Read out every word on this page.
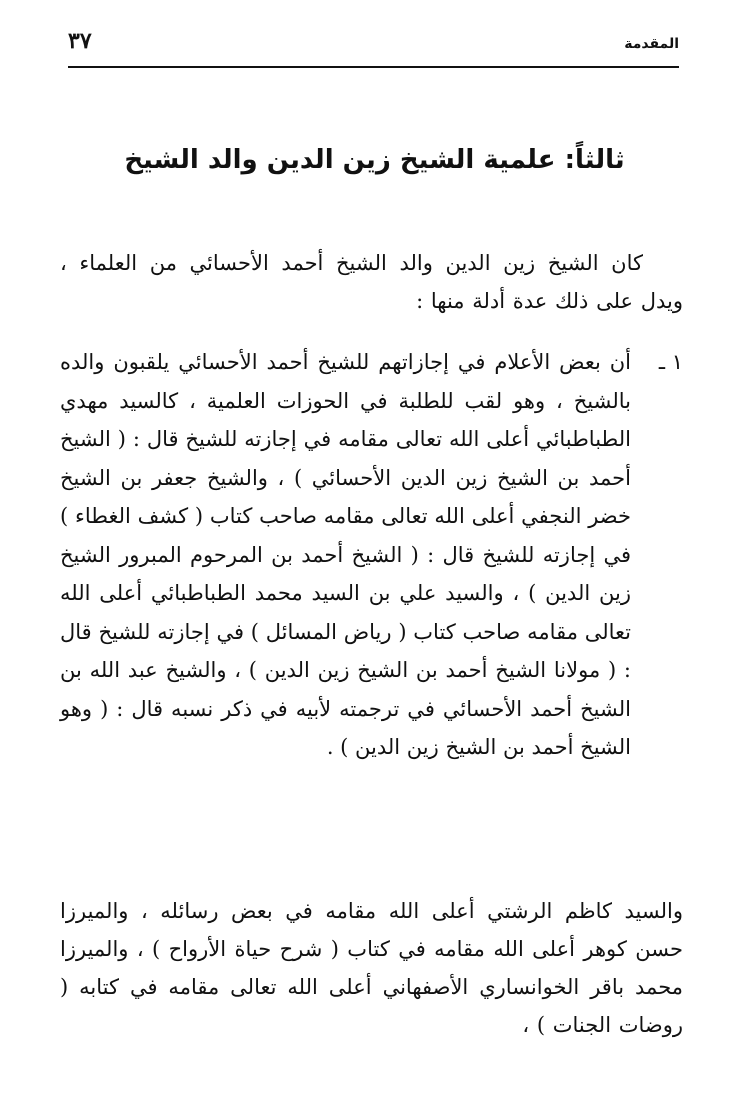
٣٧	المقدمة
ثالثاً: علمية الشيخ زين الدين والد الشيخ
كان الشيخ زين الدين والد الشيخ أحمد الأحسائي من العلماء ، ويدل على ذلك عدة أدلة منها :
١ ـ
أن بعض الأعلام في إجازاتهم للشيخ أحمد الأحسائي يلقبون والده بالشيخ ، وهو لقب للطلبة في الحوزات العلمية ، كالسيد مهدي الطباطبائي أعلى الله تعالى مقامه في إجازته للشيخ قال : ( الشيخ أحمد بن الشيخ زين الدين الأحسائي ) ، والشيخ جعفر بن الشيخ خضر النجفي أعلى الله تعالى مقامه صاحب كتاب ( كشف الغطاء ) في إجازته للشيخ قال : ( الشيخ أحمد بن المرحوم المبرور الشيخ زين الدين ) ، والسيد علي بن السيد محمد الطباطبائي أعلى الله تعالى مقامه صاحب كتاب ( رياض المسائل ) في إجازته للشيخ قال : ( مولانا الشيخ أحمد بن الشيخ زين الدين ) ، والشيخ عبد الله بن الشيخ أحمد الأحسائي في ترجمته لأبيه في ذكر نسبه قال : ( وهو الشيخ أحمد بن الشيخ زين الدين ) .
والسيد كاظم الرشتي أعلى الله مقامه في بعض رسائله ، والميرزا حسن كوهر أعلى الله مقامه في كتاب ( شرح حياة الأرواح ) ، والميرزا محمد باقر الخوانساري الأصفهاني أعلى الله تعالى مقامه في كتابه ( روضات الجنات ) ،
